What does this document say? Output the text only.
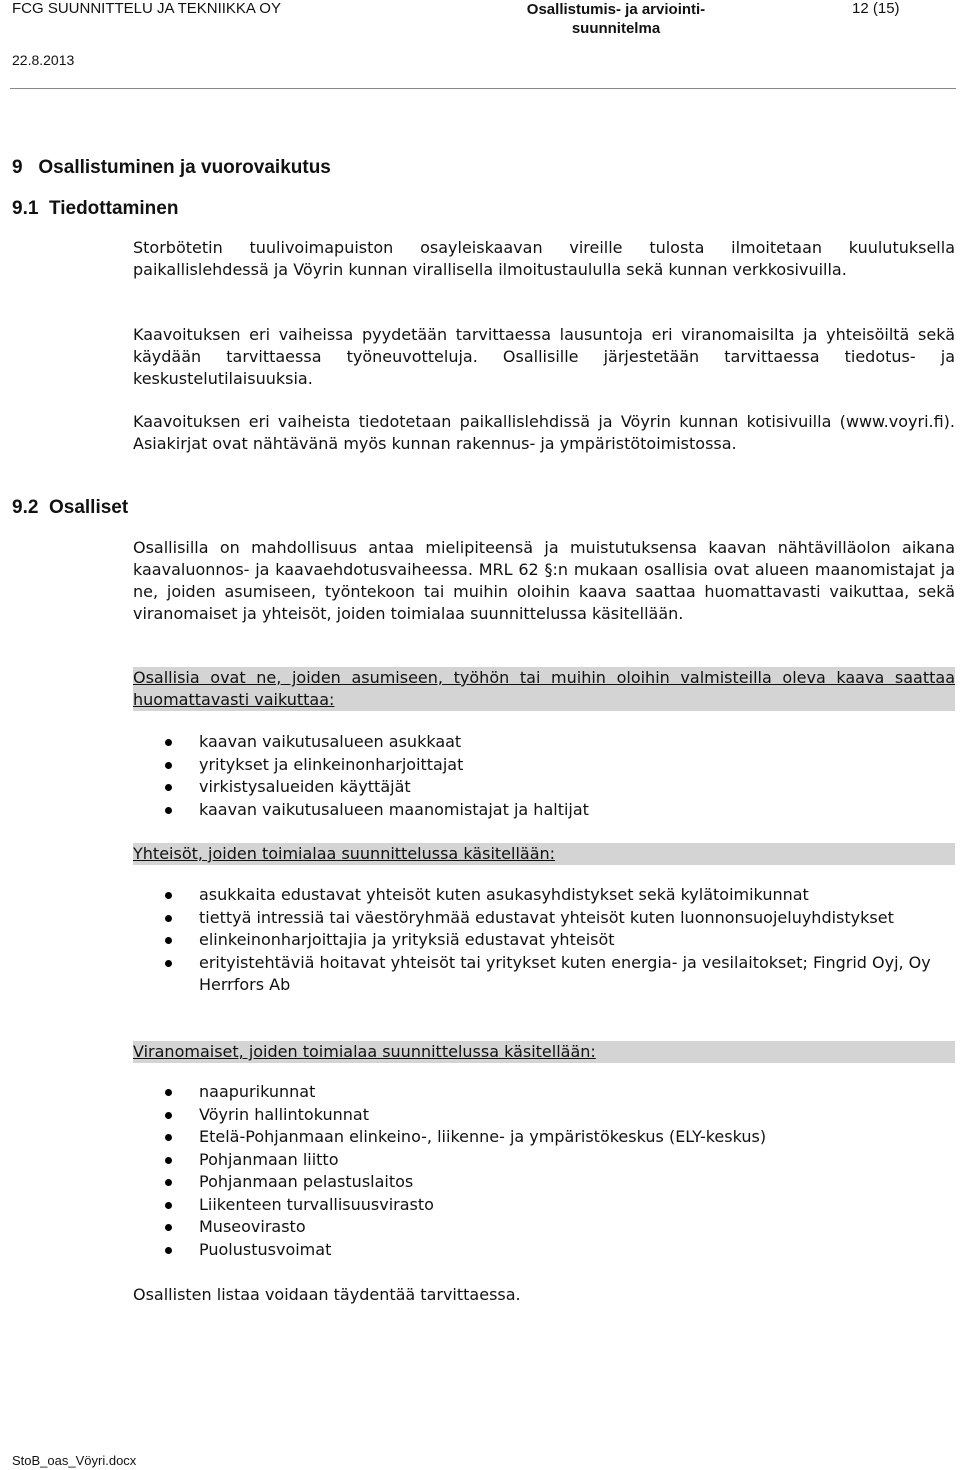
FCG SUUNNITTELU JA TEKNIIKKA OY	Osallistumis- ja arviointi-suunnitelma
12 (15)
22.8.2013
9   Osallistuminen ja vuorovaikutus
9.1  Tiedottaminen
9.2  Osalliset

Storbötetin tuulivoimapuiston osayleiskaavan vireille tulosta ilmoitetaan kuulutuksella paikallislehdessä ja Vöyrin kunnan virallisella ilmoitustaululla sekä kunnan verkkosivuilla.

Kaavoituksen eri vaiheissa pyydetään tarvittaessa lausuntoja eri viranomaisilta ja yhteisöiltä sekä käydään tarvittaessa työneuvotteluja. Osallisille järjestetään tarvittaessa tiedotus- ja keskustelutilaisuuksia.

Kaavoituksen eri vaiheista tiedotetaan paikallislehdissä ja Vöyrin kunnan kotisivuilla (www.voyri.fi). Asiakirjat ovat nähtävänä myös kunnan rakennus- ja ympäristötoimistossa.

Osallisilla on mahdollisuus antaa mielipiteensä ja muistutuksensa kaavan nähtävilläolon aikana kaavaluonnos- ja kaavaehdotusvaiheessa. MRL 62 §:n mukaan osallisia ovat alueen maanomistajat ja ne, joiden asumiseen, työntekoon tai muihin oloihin kaava saattaa huomattavasti vaikuttaa, sekä viranomaiset ja yhteisöt, joiden toimialaa suunnittelussa käsitellään.

Osallisia ovat ne, joiden asumiseen, työhön tai muihin oloihin valmisteilla oleva kaava saattaa huomattavasti vaikuttaa:

kaavan vaikutusalueen asukkaat
yritykset ja elinkeinonharjoittajat
virkistysalueiden käyttäjät
kaavan vaikutusalueen maanomistajat ja haltijat

Yhteisöt, joiden toimialaa suunnittelussa käsitellään:

asukkaita edustavat yhteisöt kuten asukasyhdistykset sekä kylätoimikunnat
tiettyä intressiä tai väestöryhmää edustavat yhteisöt kuten luonnonsuojeluyhdistykset
elinkeinonharjoittajia ja yrityksiä edustavat yhteisöt
erityistehtäviä hoitavat yhteisöt tai yritykset kuten energia- ja vesilaitokset; Fingrid Oyj, Oy Herrfors Ab

Viranomaiset, joiden toimialaa suunnittelussa käsitellään:

naapurikunnat
Vöyrin hallintokunnat
Etelä-Pohjanmaan elinkeino-, liikenne- ja ympäristökeskus (ELY-keskus)
Pohjanmaan liitto
Pohjanmaan pelastuslaitos
Liikenteen turvallisuusvirasto
Museovirasto
Puolustusvoimat

Osallisten listaa voidaan täydentää tarvittaessa.

StoB_oas_Vöyri.docx
